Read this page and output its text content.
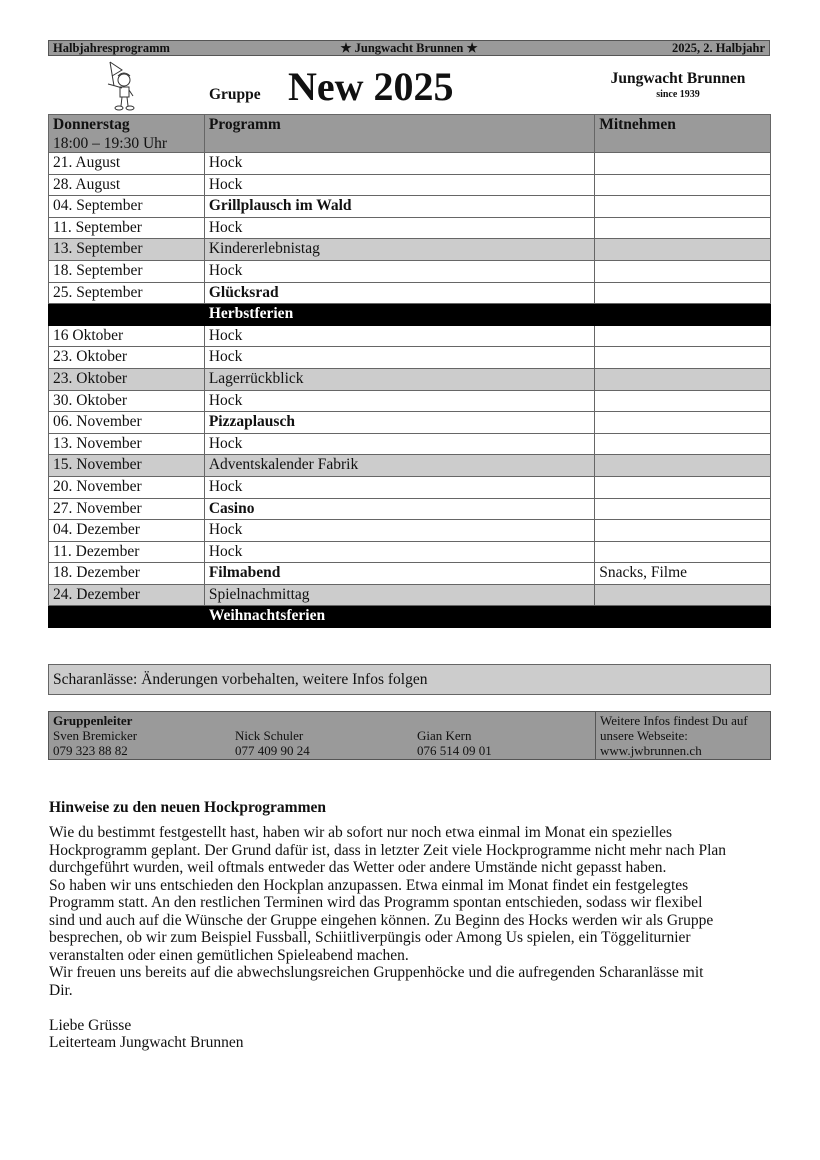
Halbjahresprogramm	★ Jungwacht Brunnen ★	2025, 2. Halbjahr
Gruppe New 2025	Jungwacht Brunnen
since 1939
Donnerstag
18:00 – 19:30 Uhr	Programm	Mitnehmen
21. August	Hock	
28. August	Hock	
04. September	Grillplausch im Wald	
11. September	Hock	
13. September	Kindererlebnistag	
18. September	Hock	
25. September	Glücksrad	
	Herbstferien	
16 Oktober	Hock	
23. Oktober	Hock	
23. Oktober	Lagerrückblick	
30. Oktober	Hock	
06. November	Pizzaplausch	
13. November	Hock	
15. November	Adventskalender Fabrik	
20. November	Hock	
27. November	Casino	
04. Dezember	Hock	
11. Dezember	Hock	
18. Dezember	Filmabend	Snacks, Filme
24. Dezember	Spielnachmittag	
	Weihnachtsferien	
Scharanlässe: Änderungen vorbehalten, weitere Infos folgen
Gruppenleiter
Sven Bremicker
079 323 88 82
Nick Schuler
077 409 90 24
Gian Kern
076 514 09 01
Weitere Infos findest Du auf
unsere Webseite:
www.jwbrunnen.ch
Hinweise zu den neuen Hockprogrammen
Wie du bestimmt festgestellt hast, haben wir ab sofort nur noch etwa einmal im Monat ein spezielles
Hockprogramm geplant. Der Grund dafür ist, dass in letzter Zeit viele Hockprogramme nicht mehr nach Plan
durchgeführt wurden, weil oftmals entweder das Wetter oder andere Umstände nicht gepasst haben.
So haben wir uns entschieden den Hockplan anzupassen. Etwa einmal im Monat findet ein festgelegtes
Programm statt. An den restlichen Terminen wird das Programm spontan entschieden, sodass wir flexibel
sind und auch auf die Wünsche der Gruppe eingehen können. Zu Beginn des Hocks werden wir als Gruppe
besprechen, ob wir zum Beispiel Fussball, Schiitliverpüngis oder Among Us spielen, ein Töggeliturnier
veranstalten oder einen gemütlichen Spieleabend machen.
Wir freuen uns bereits auf die abwechslungsreichen Gruppenhöcke und die aufregenden Scharanlässe mit
Dir.

Liebe Grüsse

Leiterteam Jungwacht Brunnen
